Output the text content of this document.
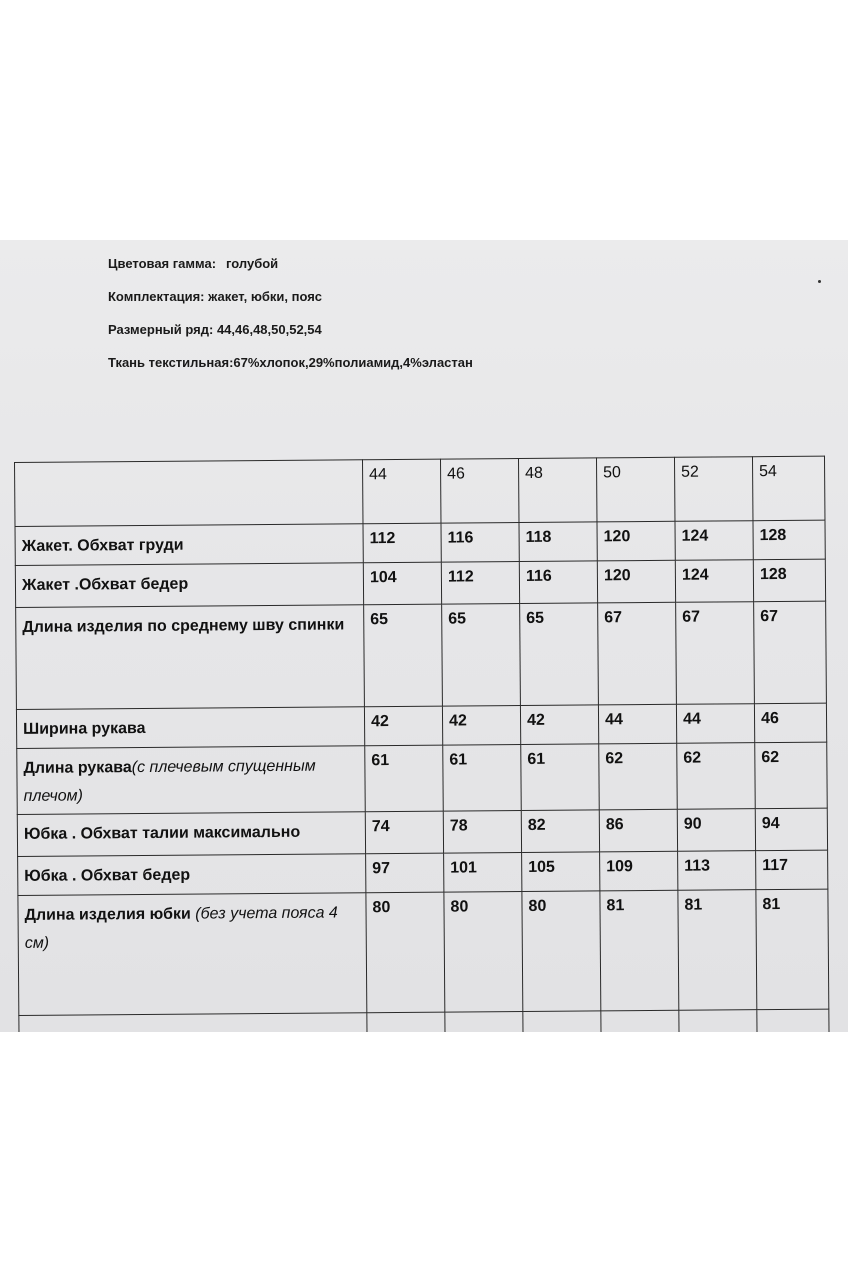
Цветовая гамма: голубой
Комплектация: жакет, юбки, пояс
Размерный ряд: 44,46,48,50,52,54
Ткань текстильная:67%хлопок,29%полиамид,4%эластан
	44	46	48	50	52	54
Жакет. Обхват груди	112	116	118	120	124	128
Жакет .Обхват бедер	104	112	116	120	124	128
Длина изделия по среднему шву спинки	65	65	65	67	67	67
Ширина рукава	42	42	42	44	44	46
Длина рукава(с плечевым спущенным плечом)	61	61	61	62	62	62
Юбка . Обхват талии максимально	74	78	82	86	90	94
Юбка . Обхват бедер	97	101	105	109	113	117
Длина изделия юбки (без учета пояса 4 см)	80	80	80	81	81	81
